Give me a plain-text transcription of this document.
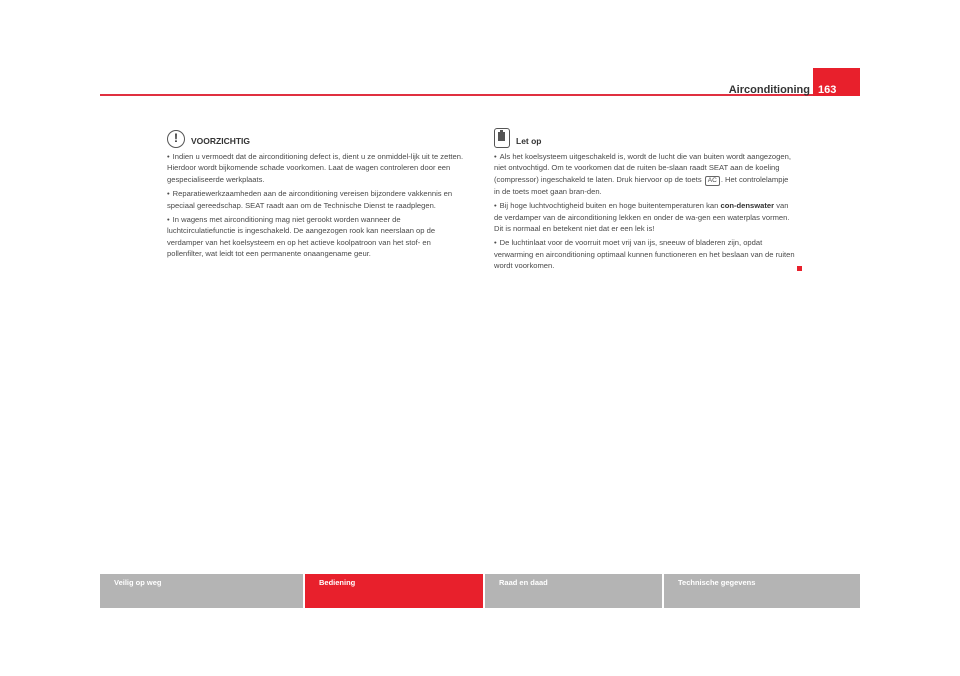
Airconditioning 163
!	VOORZICHTIG

• Indien u vermoedt dat de airconditioning defect is, dient u ze onmiddel-lijk uit te zetten. Hierdoor wordt bijkomende schade voorkomen. Laat de wagen controleren door een gespecialiseerde werkplaats.

• Reparatiewerkzaamheden aan de airconditioning vereisen bijzondere vakkennis en speciaal gereedschap. SEAT raadt aan om de Technische Dienst te raadplegen.

• In wagens met airconditioning mag niet gerookt worden wanneer de luchtcirculatiefunctie is ingeschakeld. De aangezogen rook kan neerslaan op de verdamper van het koelsysteem en op het actieve koolpatroon van het stof- en pollenfilter, wat leidt tot een permanente onaangename geur.

Let op

• Als het koelsysteem uitgeschakeld is, wordt de lucht die van buiten wordt aangezogen, niet ontvochtigd. Om te voorkomen dat de ruiten be-slaan raadt SEAT aan de koeling (compressor) ingeschakeld te laten. Druk hiervoor op de toets AC . Het controlelampje in de toets moet gaan bran-den.

• Bij hoge luchtvochtigheid buiten en hoge buitentemperaturen kan con-denswater van de verdamper van de airconditioning lekken en onder de wa-gen een waterplas vormen. Dit is normaal en betekent niet dat er een lek is!

• De luchtinlaat voor de voorruit moet vrij van ijs, sneeuw of bladeren zijn, opdat verwarming en airconditioning optimaal kunnen functioneren en het beslaan van de ruiten wordt voorkomen.

Veilig op weg	Bediening	Raad en daad	Technische gegevens
